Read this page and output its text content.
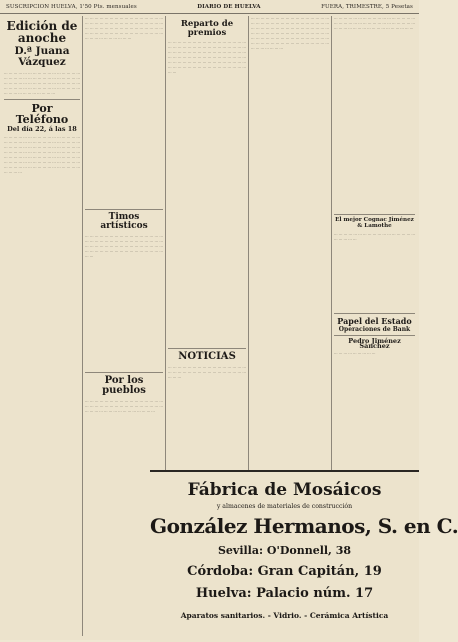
SUSCRIPCION HUELVA, 1'50 Pts. mensuales	DIARIO DE HUELVA	FUERA, TRIMESTRE, 5 Pesetas
Edición de anoche
D.ª Juana Vázquez
… … … … … … … … … … … … … … … … … … … … … … … … … … … … … … … … … … … … … … … … … … … … … … … … … … … … … … … … … … … … … … … … … … … … … … … … … … …
Por Teléfono
Del día 22, á las 18
… … … … … … … … … … … … … … … … … … … … … … … … … … … … … … … … … … … … … … … … … … … … … … … … … … … … … … … … … … … … … … … … … … … … … … … … … … … … … … … … … … … … … … … … … … … … … … … … … … … … … … … … … … … … … … … … … … … …
… … … … … … … … … … … … … … … … … … … … … … … … … … … … … … … … … … … … … … … … … … … … … … … … … … … … … … … … … … … … … … … … … … … … … … … … … …
Timos artísticos
… … … … … … … … … … … … … … … … … … … … … … … … … … … … … … … … … … … … … … … … … … … … … … … … … … … … … … … … … … … … … … … … … …
Por los pueblos
… … … … … … … … … … … … … … … … … … … … … … … … … … … … … … … … … … … … … … … … … … … … … … …
Reparto de premios
… … … … … … … … … … … … … … … … … … … … … … … … … … … … … … … … … … … … … … … … … … … … … … … … … … … … … … … … … … … … … … … … … … … … … … … … … … … … … … … … … … … … … … … … … … … … … … … … … …
NOTICIAS
… … … … … … … … … … … … … … … … … … … … … … … … … … … … … … … … … … …
… … … … … … … … … … … … … … … … … … … … … … … … … … … … … … … … … … … … … … … … … … … … … … … … … … … … … … … … … … … … … … … … … … … … … … … … … … … … … … … … … … … … … … … … … … … … … … … … … … … … … … …
… … … … … … … … … … … … … … … … … … … … … … … … … … … … … … … … … … … … … … … … … … … … … … … … … … …
El mejor Cognac Jiménez & Lamothe
… … … … … … … … … … … … … … … … … … … … … …
Papel del Estado
Operaciones de Bank
Pedro Jiménez Sánchez
… … … … … … … … …
Fábrica de Mosáicos
y almacenes de materiales de construcción
González Hermanos, S. en C.
Sevilla: O'Donnell, 38
Córdoba: Gran Capitán, 19
Huelva: Palacio núm. 17
Aparatos sanitarios. - Vidrio. - Cerámica Artística
